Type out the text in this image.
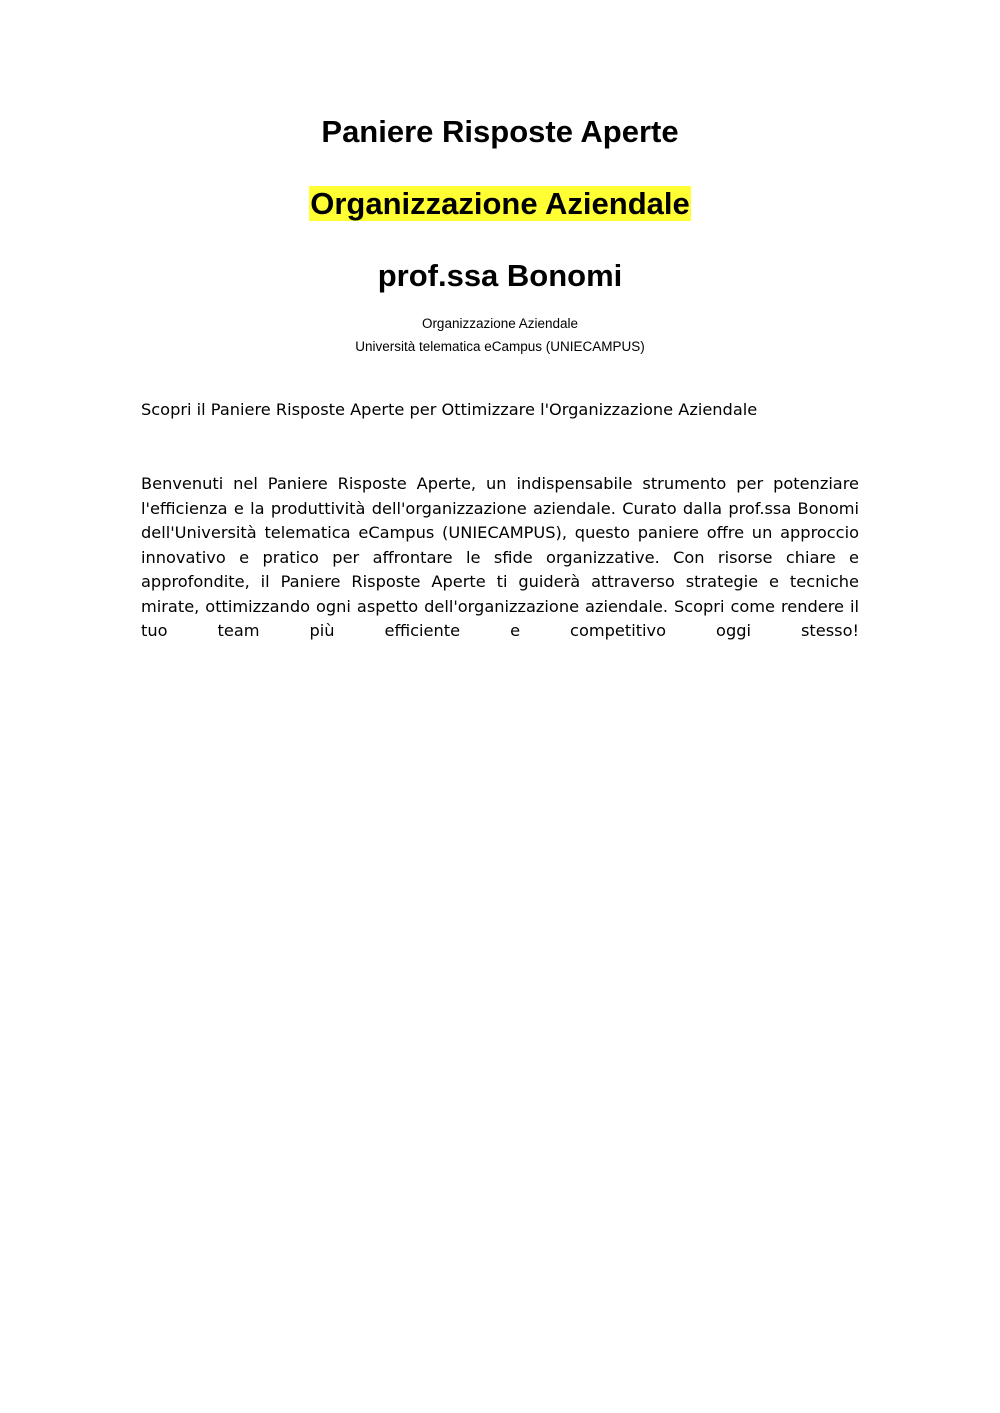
Paniere Risposte Aperte
Organizzazione Aziendale
prof.ssa Bonomi

Organizzazione Aziendale

Università telematica eCampus (UNIECAMPUS)

Scopri il Paniere Risposte Aperte per Ottimizzare l'Organizzazione Aziendale

Benvenuti nel Paniere Risposte Aperte, un indispensabile strumento per potenziare l'efficienza e la produttività dell'organizzazione aziendale. Curato dalla prof.ssa Bonomi dell'Università telematica eCampus (UNIECAMPUS), questo paniere offre un approccio innovativo e pratico per affrontare le sfide organizzative. Con risorse chiare e approfondite, il Paniere Risposte Aperte ti guiderà attraverso strategie e tecniche mirate, ottimizzando ogni aspetto dell'organizzazione aziendale. Scopri come rendere il tuo team più efficiente e competitivo oggi stesso!
